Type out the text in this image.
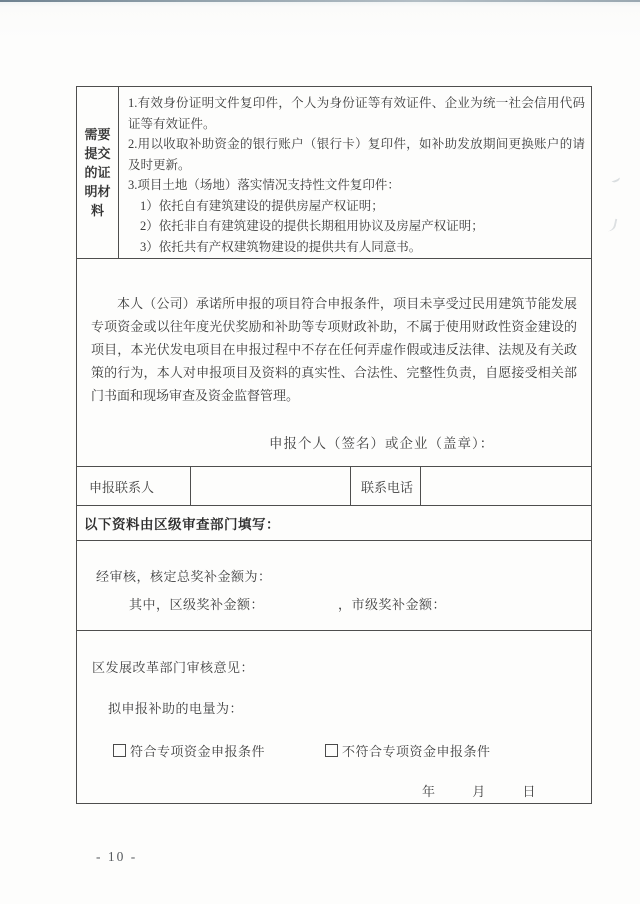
需要
提交
的证
明材
料

1.有效身份证明文件复印件，个人为身份证等有效证件、企业为统一社会信用代码证等有效证件。

2.用以收取补助资金的银行账户（银行卡）复印件，如补助发放期间更换账户的请及时更新。

3.项目土地（场地）落实情况支持性文件复印件：

1）依托自有建筑建设的提供房屋产权证明；

2）依托非自有建筑建设的提供长期租用协议及房屋产权证明；

3）依托共有产权建筑物建设的提供共有人同意书。

本人（公司）承诺所申报的项目符合申报条件，项目未享受过民用建筑节能发展专项资金或以往年度光伏奖励和补助等专项财政补助，不属于使用财政性资金建设的项目，本光伏发电项目在申报过程中不存在任何弄虚作假或违反法律、法规及有关政策的行为，本人对申报项目及资料的真实性、合法性、完整性负责，自愿接受相关部门书面和现场审查及资金监督管理。

申报个人（签名）或企业（盖章）：
申报联系人	联系电话
以下资料由区级审查部门填写：
经审核，核定总奖补金额为：
其中，区级奖补金额：	，市级奖补金额：
区发展改革部门审核意见：
拟申报补助的电量为：
符合专项资金申报条件	不符合专项资金申报条件
年	月	日
- 10 -
